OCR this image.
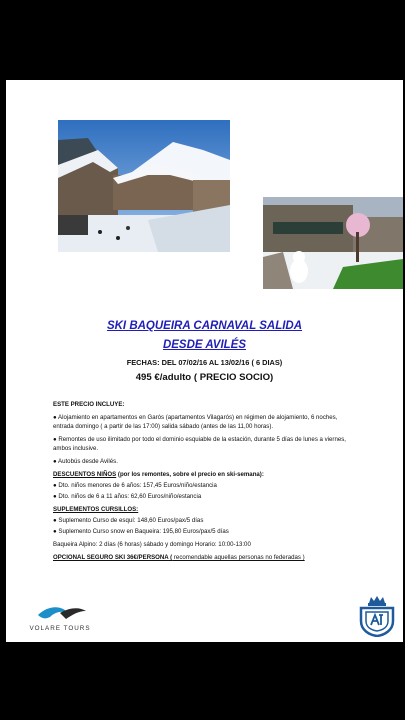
SKI BAQUEIRA CARNAVAL SALIDA
DESDE AVILÉS
FECHAS: DEL 07/02/16 AL 13/02/16 ( 6 DIAS)
495 €/adulto ( PRECIO SOCIO)

ESTE PRECIO INCLUYE:

● Alojamiento en apartamentos en Garós (apartamentos Vilagarós) en régimen de alojamiento, 6 noches, entrada domingo ( a partir de las 17:00) salida sábado (antes de las 11,00 horas).

● Remontes de uso ilimitado por todo el dominio esquiable de la estación, durante 5 días de lunes a viernes, ambos inclusive.

● Autobús desde Avilés.

DESCUENTOS NIÑOS (por los remontes, sobre el precio en ski-semana):

● Dto. niños menores de 6 años: 157,45 Euros/niño/estancia

● Dto. niños de 6 a 11 años: 62,60 Euros/niño/estancia

SUPLEMENTOS CURSILLOS:

● Suplemento Curso de esquí: 148,60 Euros/pax/5 días

● Suplemento Curso snow en Baqueira: 195,80 Euros/pax/5 días

Baqueira Alpino: 2 días (6 horas) sábado y domingo Horario: 10:00-13:00

OPCIONAL SEGURO SKI 36€/PERSONA ( recomendable aquellas personas no federadas )

VOLARE TOURS
